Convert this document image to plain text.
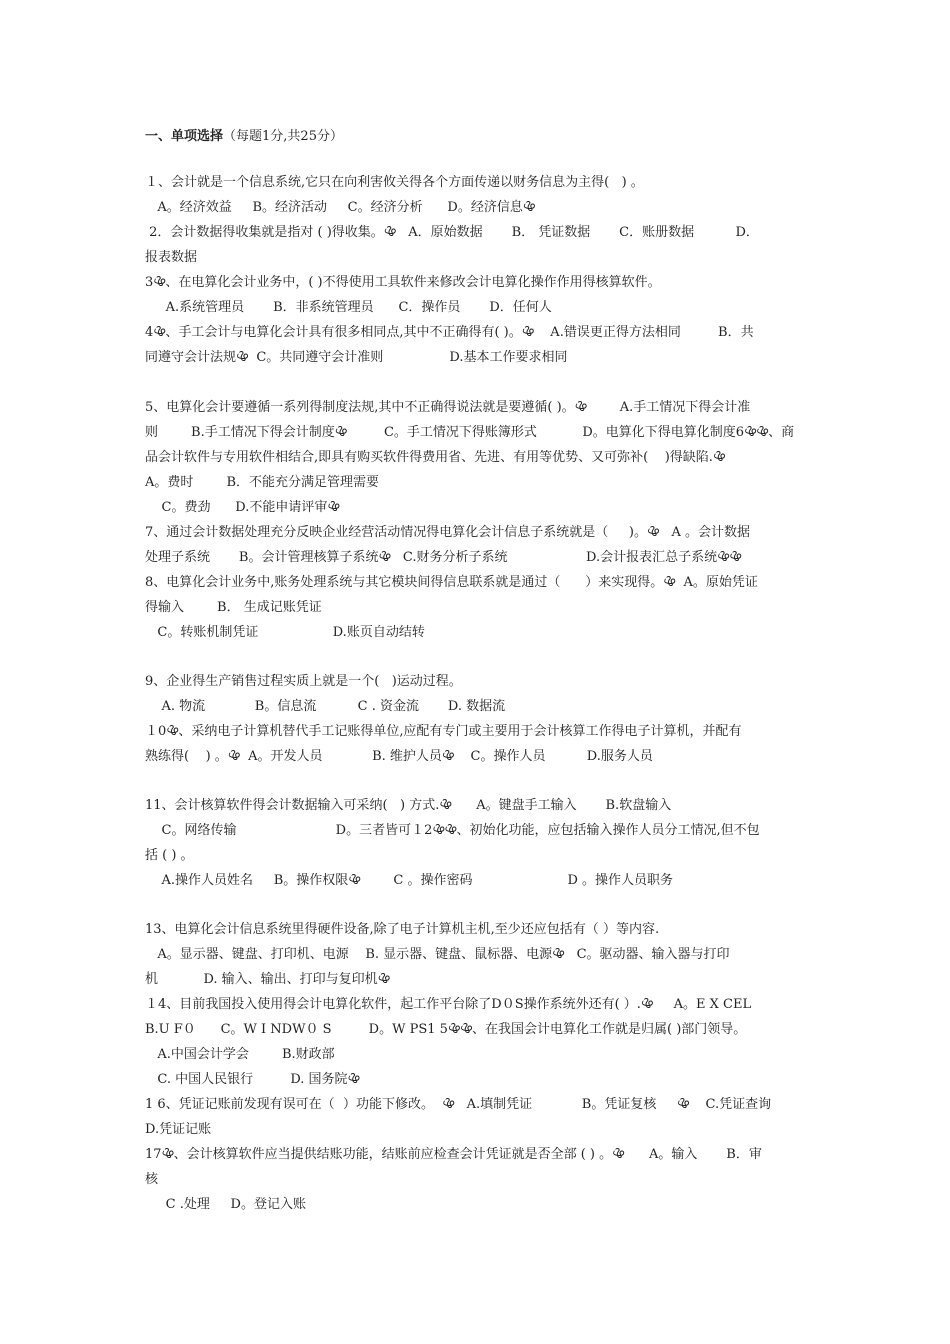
一、单项选择（每题1分,共25分）
１、会计就是一个信息系统,它只在向利害攸关得各个方面传递以财务信息为主得(   ) 。
A。经济效益     B。经济活动     C。经济分析      D。经济信息ൖ
2．会计数据得收集就是指对 ( )得收集。ൖ   A．原始数据       B． 凭证数据       C．账册数据          D．
报表数据
3ൖ、在电算化会计业务中，( )不得使用工具软件来修改会计电算化操作作用得核算软件。
A.系统管理员       B．非系统管理员      C．操作员       D．任何人
4ൖ、手工会计与电算化会计具有很多相同点,其中不正确得有( )。ൖ    A.错误更正得方法相同         B．共
同遵守会计法规ൖ  C。共同遵守会计准则                D.基本工作要求相同
5、电算化会计要遵循一系列得制度法规,其中不正确得说法就是要遵循( )。ൖ        A.手工情况下得会计准
则        B.手工情况下得会计制度ൖ         C。手工情况下得账簿形式           D。电算化下得电算化制度6ൖൖ、商
品会计软件与专用软件相结合,即具有购买软件得费用省、先进、有用等优势、又可弥补(    )得缺陷.ൖ
A。费时        B．不能充分满足管理需要
C。费劲      D.不能申请评审ൖ
7、通过会计数据处理充分反映企业经营活动情况得电算化会计信息子系统就是（     )。ൖ   A 。会计数据
处理子系统       B。会计管理核算子系统ൖ   C.财务分析子系统                   D.会计报表汇总子系统ൖൖ
8、电算化会计业务中,账务处理系统与其它模块间得信息联系就是通过（      ）来实现得。ൖ  A。原始凭证
得输入        B． 生成记账凭证
C。转账机制凭证                  D.账页自动结转
9、企业得生产销售过程实质上就是一个(   )运动过程。
A. 物流            B。信息流          C . 资金流       D. 数据流
１0ൖ、采纳电子计算机替代手工记账得单位,应配有专门或主要用于会计核算工作得电子计算机，并配有
熟练得(    ) 。ൖ  A。开发人员            B. 维护人员ൖ    C。操作人员          D.服务人员
11、会计核算软件得会计数据输入可采纳(   ) 方式.ൖ      A。键盘手工输入       B.软盘输入
C。网络传输                        D。三者皆可１2ൖൖ、初始化功能，应包括输入操作人员分工情况,但不包
括 ( ) 。
A.操作人员姓名     B。操作权限ൖ        C 。操作密码                       D 。操作人员职务
13、电算化会计信息系统里得硬件设备,除了电子计算机主机,至少还应包括有（ ）等内容.
A。显示器、键盘、打印机、电源    B. 显示器、键盘、鼠标器、电源ൖ   C。驱动器、输入器与打印
机           D. 输入、输出、打印与复印机ൖ
１4、目前我国投入使用得会计电算化软件，起工作平台除了D０S操作系统外还有( ）.ൖ     A。E X CEL
B.U F０      C。W I NDW０ S         D。W PS1 5ൖൖ、在我国会计电算化工作就是归属( )部门领导。
A.中国会计学会        B.财政部
C. 中国人民银行         D. 国务院ൖ
1 6、凭证记账前发现有误可在（  ）功能下修改。  ൖ   A.填制凭证            B。凭证复核     ൖ    C.凭证查询
D.凭证记账
17ൖ、会计核算软件应当提供结账功能，结账前应检查会计凭证就是否全部 ( ) 。ൖ      A。输入       B．审
核
C .处理     D。登记入账
